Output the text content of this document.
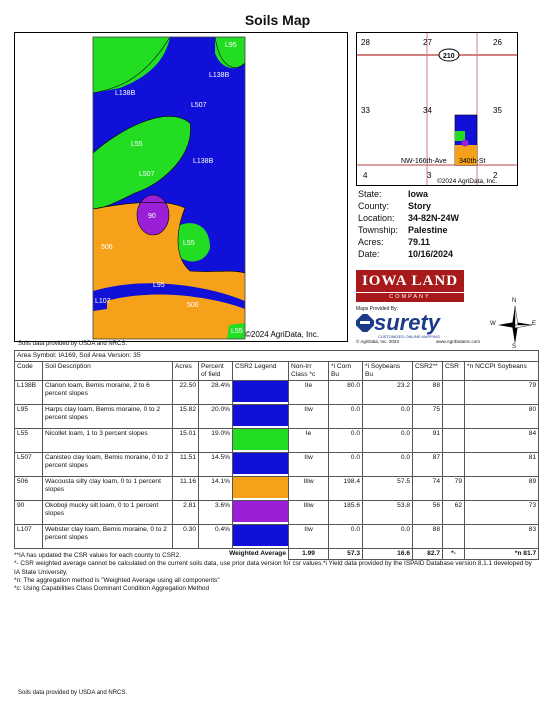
Soils Map
L95
L138B
L138B
L507
L55
L507
L138B
90
506
L55
L95
L107
506
L55 ©2024 AgriData, Inc.
Soils data provided by USDA and NRCS.
28	27	26
33	34	35
4	3	2
210
NW-166th-Ave 340th-St
©2024 AgriData, Inc.
State:	Iowa
County:	Story
Location:	34-82N-24W
Township:	Palestine
Acres:	79.11
Date:	10/16/2024
IOWA LAND
COMPANY
Maps Provided By:
surety
CUSTOMIZED ONLINE MAPPING
© AgriData, Inc. 2023	www.AgriDataInc.com
N
S
E
W
Area Symbol: IA169, Soil Area Version: 35										
Code	Soil Description	Acres	Percent of field	CSR2 Legend	Non-Irr Class *c	*i Corn Bu	*i Soybeans Bu	CSR2**	CSR	*n NCCPI Soybeans
L138B	Clarion loam, Bemis moraine, 2 to 6 percent slopes	22.50	28.4%		IIe	80.0	23.2	88		79
L95	Harps clay loam, Bemis moraine, 0 to 2 percent slopes	15.82	20.0%		IIw	0.0	0.0	75		80
L55	Nicollet loam, 1 to 3 percent slopes	15.01	19.0%		Ie	0.0	0.0	91		84
L507	Canisteo clay loam, Bemis moraine, 0 to 2 percent slopes	11.51	14.5%		IIw	0.0	0.0	87		81
506	Wacousta silty clay loam, 0 to 1 percent slopes	11.16	14.1%		IIIw	198.4	57.5	74	79	89
90	Okoboji mucky silt loam, 0 to 1 percent slopes	2.81	3.6%		IIIw	185.6	53.8	56	62	73
L107	Webster clay loam, Bemis moraine, 0 to 2 percent slopes	0.30	0.4%		IIw	0.0	0.0	88		83
Weighted Average					1.99	57.3	16.6	82.7	*-	*n 81.7
**IA has updated the CSR values for each county to CSR2.
*- CSR weighted average cannot be calculated on the current soils data, use prior data version for csr values.*i Yield data provided by the ISPAID Database version 8.1.1 developed by IA State University.
*n: The aggregation method is "Weighted Average using all components"
*c: Using Capabilities Class Dominant Condition Aggregation Method
Soils data provided by USDA and NRCS.
